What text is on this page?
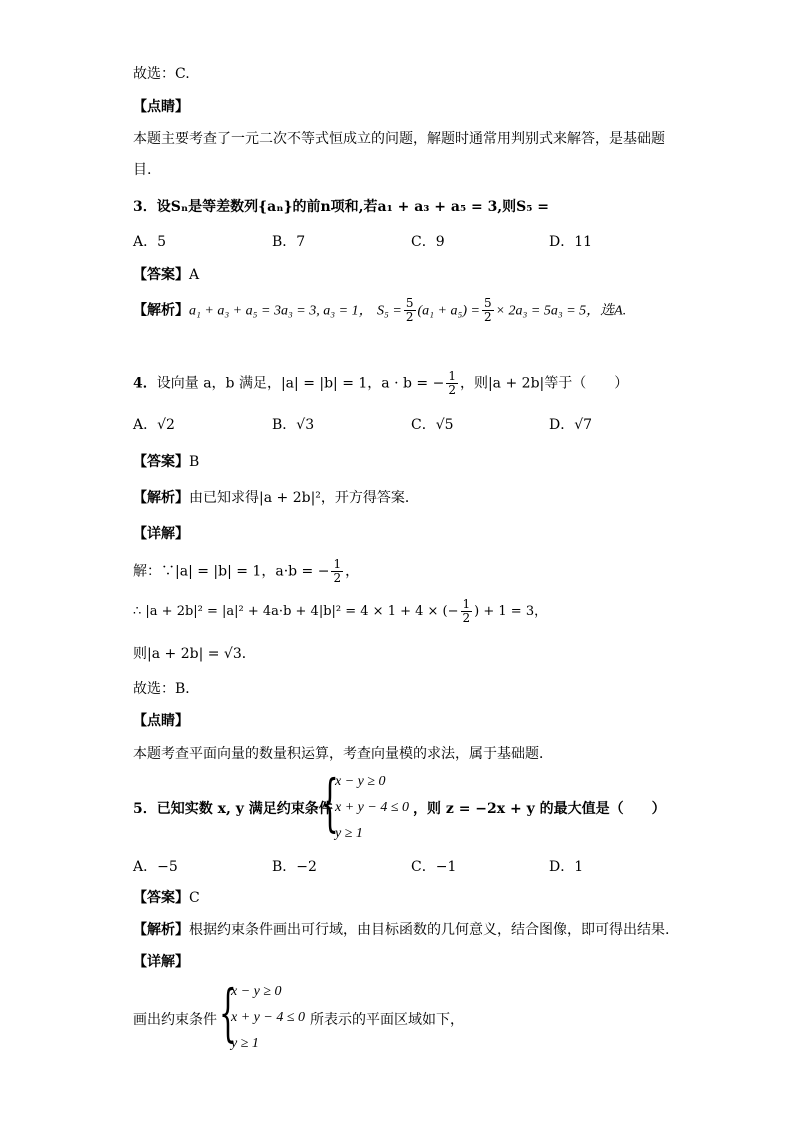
故选：C.
【点睛】
本题主要考查了一元二次不等式恒成立的问题，解题时通常用判别式来解答，是基础题
目.
3．设Sₙ是等差数列{aₙ}的前n项和,若a₁ + a₃ + a₅ = 3,则S₅ =
A．5	B．7	C．9	D．11
【答案】A
【解析】a₁ + a₃ + a₅ = 3a₃ = 3, a₃ = 1， $S_5 = \frac{5}{2} (a_1 + a_5) = \frac{5}{2} \times 2a_3 = 5a_3 = 5$，选A.
4．设向量 a，b 满足，|a| = |b| = 1，a · b = − $\frac{1}{2}$ ，则|a + 2b|等于（　　）
A．√2	B．√3	C．√5	D．√7
【答案】B
【解析】由已知求得|a + 2b|²，开方得答案．
【详解】
解：∵|a| = |b| = 1，a·b = − $\frac{1}{2}$ ，
∴ |a + 2b|² = |a|² + 4a·b + 4|b|² = 4 × 1 + 4 × (− $\frac{1}{2}$ ) + 1 = 3，
则|a + 2b| = √3．
故选：B．
【点睛】
本题考查平面向量的数量积运算，考查向量模的求法，属于基础题．
5．已知实数 x, y 满足约束条件
{
x − y ≥ 0
x + y − 4 ≤ 0
y ≥ 1
，则 z = −2x + y 的最大值是（　　）
A．−5	B．−2	C．−1	D．1
【答案】C
【解析】根据约束条件画出可行域，由目标函数的几何意义，结合图像，即可得出结果.
【详解】
画出约束条件 {
x − y ≥ 0
x + y − 4 ≤ 0
y ≥ 1
所表示的平面区域如下，
